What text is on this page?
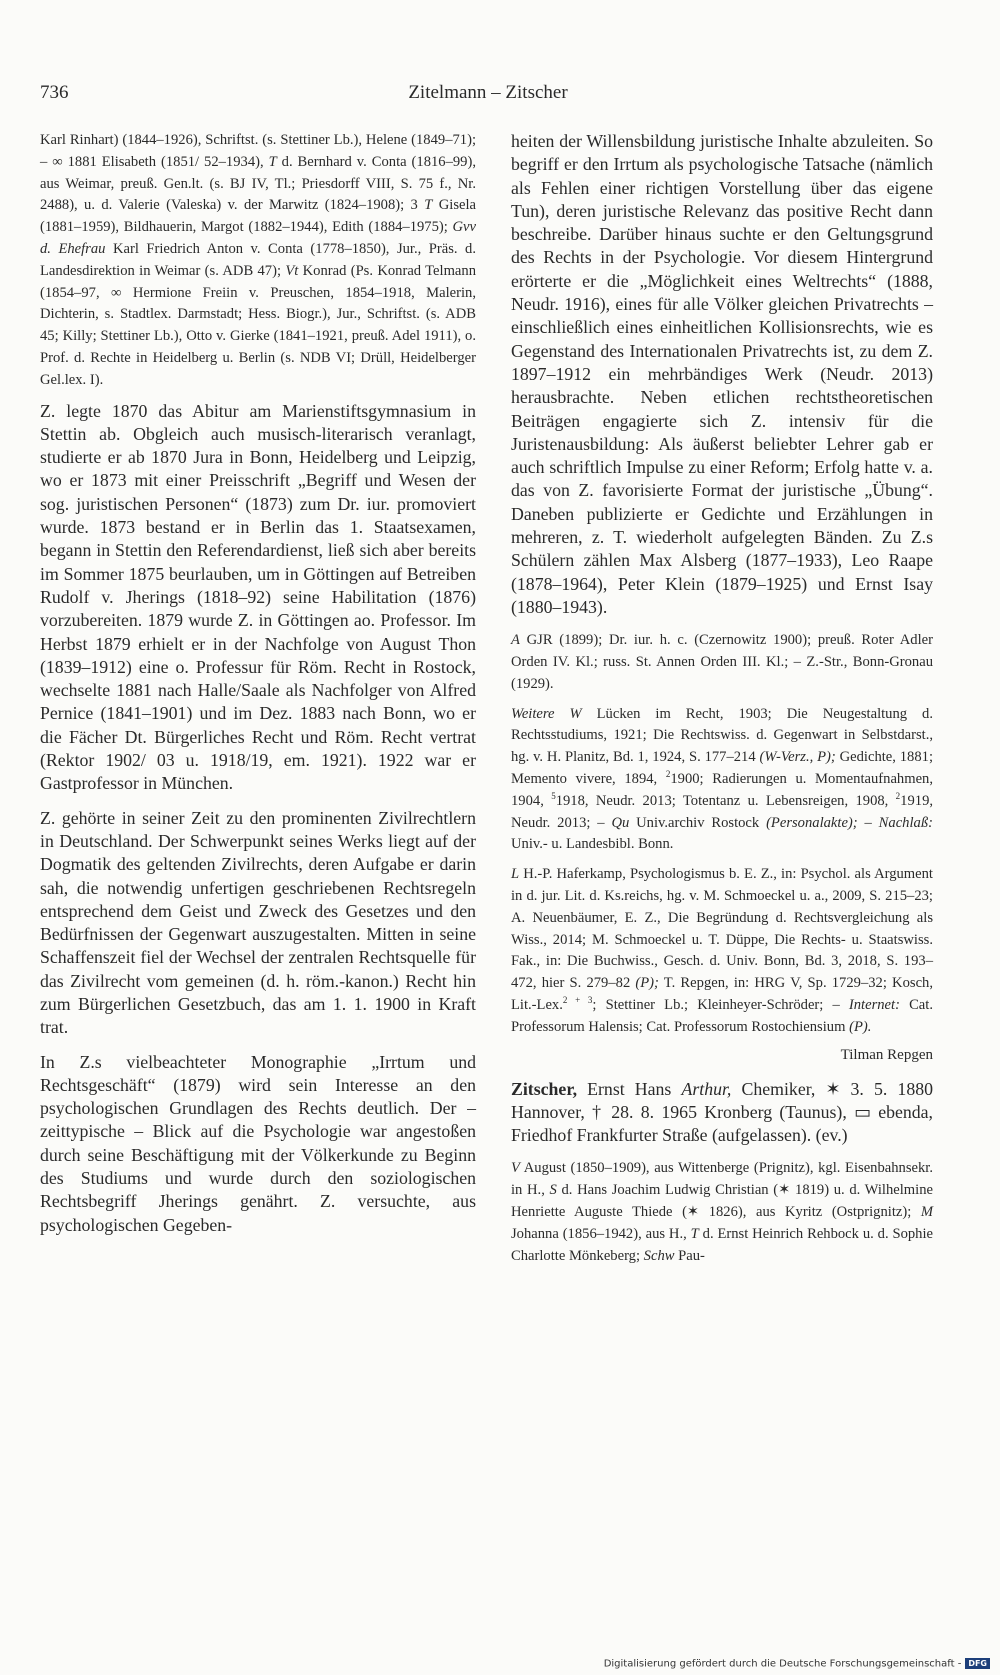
736	Zitelmann – Zitscher

Karl Rinhart) (1844–1926), Schriftst. (s. Stettiner Lb.), Helene (1849–71); – ∞ 1881 Elisabeth (1851/ 52–1934), T d. Bernhard v. Conta (1816–99), aus Weimar, preuß. Gen.lt. (s. BJ IV, Tl.; Priesdorff VIII, S. 75 f., Nr. 2488), u. d. Valerie (Valeska) v. der Marwitz (1824–1908); 3 T Gisela (1881–1959), Bildhauerin, Margot (1882–1944), Edith (1884–1975); Gvv d. Ehefrau Karl Friedrich Anton v. Conta (1778–1850), Jur., Präs. d. Landesdirektion in Weimar (s. ADB 47); Vt Konrad (Ps. Konrad Telmann (1854–97, ∞ Hermione Freiin v. Preuschen, 1854–1918, Malerin, Dichterin, s. Stadtlex. Darmstadt; Hess. Biogr.), Jur., Schriftst. (s. ADB 45; Killy; Stettiner Lb.), Otto v. Gierke (1841–1921, preuß. Adel 1911), o. Prof. d. Rechte in Heidelberg u. Berlin (s. NDB VI; Drüll, Heidelberger Gel.lex. I).

Z. legte 1870 das Abitur am Marienstiftsgymnasium in Stettin ab. Obgleich auch musisch-literarisch veranlagt, studierte er ab 1870 Jura in Bonn, Heidelberg und Leipzig, wo er 1873 mit einer Preisschrift „Begriff und Wesen der sog. juristischen Personen“ (1873) zum Dr. iur. promoviert wurde. 1873 bestand er in Berlin das 1. Staatsexamen, begann in Stettin den Referendardienst, ließ sich aber bereits im Sommer 1875 beurlauben, um in Göttingen auf Betreiben Rudolf v. Jherings (1818–92) seine Habilitation (1876) vorzubereiten. 1879 wurde Z. in Göttingen ao. Professor. Im Herbst 1879 erhielt er in der Nachfolge von August Thon (1839–1912) eine o. Professur für Röm. Recht in Rostock, wechselte 1881 nach Halle/Saale als Nachfolger von Alfred Pernice (1841–1901) und im Dez. 1883 nach Bonn, wo er die Fächer Dt. Bürgerliches Recht und Röm. Recht vertrat (Rektor 1902/ 03 u. 1918/19, em. 1921). 1922 war er Gastprofessor in München.

Z. gehörte in seiner Zeit zu den prominenten Zivilrechtlern in Deutschland. Der Schwerpunkt seines Werks liegt auf der Dogmatik des geltenden Zivilrechts, deren Aufgabe er darin sah, die notwendig unfertigen geschriebenen Rechtsregeln entsprechend dem Geist und Zweck des Gesetzes und den Bedürfnissen der Gegenwart auszugestalten. Mitten in seine Schaffenszeit fiel der Wechsel der zentralen Rechtsquelle für das Zivilrecht vom gemeinen (d. h. röm.-kanon.) Recht hin zum Bürgerlichen Gesetzbuch, das am 1. 1. 1900 in Kraft trat.

In Z.s vielbeachteter Monographie „Irrtum und Rechtsgeschäft“ (1879) wird sein Interesse an den psychologischen Grundlagen des Rechts deutlich. Der – zeittypische – Blick auf die Psychologie war angestoßen durch seine Beschäftigung mit der Völkerkunde zu Beginn des Studiums und wurde durch den soziologischen Rechtsbegriff Jherings genährt. Z. versuchte, aus psychologischen Gegeben-

heiten der Willensbildung juristische Inhalte abzuleiten. So begriff er den Irrtum als psychologische Tatsache (nämlich als Fehlen einer richtigen Vorstellung über das eigene Tun), deren juristische Relevanz das positive Recht dann beschreibe. Darüber hinaus suchte er den Geltungsgrund des Rechts in der Psychologie. Vor diesem Hintergrund erörterte er die „Möglichkeit eines Weltrechts“ (1888, Neudr. 1916), eines für alle Völker gleichen Privatrechts – einschließlich eines einheitlichen Kollisionsrechts, wie es Gegenstand des Internationalen Privatrechts ist, zu dem Z. 1897–1912 ein mehrbändiges Werk (Neudr. 2013) herausbrachte. Neben etlichen rechtstheoretischen Beiträgen engagierte sich Z. intensiv für die Juristenausbildung: Als äußerst beliebter Lehrer gab er auch schriftlich Impulse zu einer Reform; Erfolg hatte v. a. das von Z. favorisierte Format der juristische „Übung“. Daneben publizierte er Gedichte und Erzählungen in mehreren, z. T. wiederholt aufgelegten Bänden. Zu Z.s Schülern zählen Max Alsberg (1877–1933), Leo Raape (1878–1964), Peter Klein (1879–1925) und Ernst Isay (1880–1943).

A GJR (1899); Dr. iur. h. c. (Czernowitz 1900); preuß. Roter Adler Orden IV. Kl.; russ. St. Annen Orden III. Kl.; – Z.-Str., Bonn-Gronau (1929).

Weitere W Lücken im Recht, 1903; Die Neugestaltung d. Rechtsstudiums, 1921; Die Rechtswiss. d. Gegenwart in Selbstdarst., hg. v. H. Planitz, Bd. 1, 1924, S. 177–214 (W-Verz., P); Gedichte, 1881; Memento vivere, 1894, $^2$1900; Radierungen u. Momentaufnahmen, 1904, $^5$1918, Neudr. 2013; Totentanz u. Lebensreigen, 1908, $^2$1919, Neudr. 2013; – Qu Univ.archiv Rostock (Personalakte); – Nachlaß: Univ.- u. Landesbibl. Bonn.

L H.-P. Haferkamp, Psychologismus b. E. Z., in: Psychol. als Argument in d. jur. Lit. d. Ks.reichs, hg. v. M. Schmoeckel u. a., 2009, S. 215–23; A. Neuenbäumer, E. Z., Die Begründung d. Rechtsvergleichung als Wiss., 2014; M. Schmoeckel u. T. Düppe, Die Rechts- u. Staatswiss. Fak., in: Die Buchwiss., Gesch. d. Univ. Bonn, Bd. 3, 2018, S. 193–472, hier S. 279–82 (P); T. Repgen, in: HRG V, Sp. 1729–32; Kosch, Lit.-Lex.$^{2 + 3}$; Stettiner Lb.; Kleinheyer-Schröder; – Internet: Cat. Professorum Halensis; Cat. Professorum Rostochiensium (P).

Tilman Repgen

Zitscher, Ernst Hans Arthur, Chemiker, ✶ 3. 5. 1880 Hannover, † 28. 8. 1965 Kronberg (Taunus), ▭ ebenda, Friedhof Frankfurter Straße (aufgelassen). (ev.)

V August (1850–1909), aus Wittenberge (Prignitz), kgl. Eisenbahnsekr. in H., S d. Hans Joachim Ludwig Christian (✶ 1819) u. d. Wilhelmine Henriette Auguste Thiede (✶ 1826), aus Kyritz (Ostprignitz); M Johanna (1856–1942), aus H., T d. Ernst Heinrich Rehbock u. d. Sophie Charlotte Mönkeberg; Schw Pau-

Digitalisierung gefördert durch die Deutsche Forschungsgemeinschaft - DFG
